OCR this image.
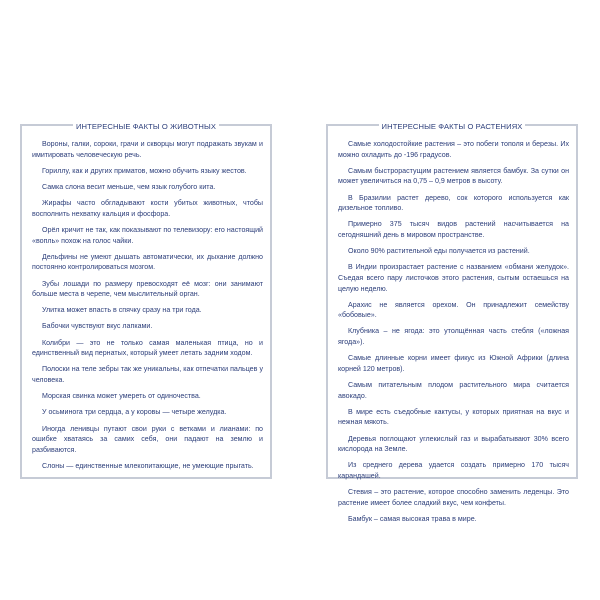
ИНТЕРЕСНЫЕ ФАКТЫ О ЖИВОТНЫХ

Вороны, галки, сороки, грачи и скворцы могут подражать звукам и имитировать человеческую речь.

Гориллу, как и других приматов, можно обучить языку жестов.

Самка слона весит меньше, чем язык голубого кита.

Жирафы часто обгладывают кости убитых животных, чтобы восполнить нехватку кальция и фосфора.

Орёл кричит не так, как показывают по телевизору: его настоящий «вопль» похож на голос чайки.

Дельфины не умеют дышать автоматически, их дыхание должно постоянно контролироваться мозгом.

Зубы лошади по размеру превосходят её мозг: они занимают больше места в черепе, чем мыслительный орган.

Улитка может впасть в спячку сразу на три года.

Бабочки чувствуют вкус лапками.

Колибри — это не только самая маленькая птица, но и единственный вид пернатых, который умеет летать задним ходом.

Полоски на теле зебры так же уникальны, как отпечатки пальцев у человека.

Морская свинка может умереть от одиночества.

У осьминога три сердца, а у коровы — четыре желудка.

Иногда ленивцы путают свои руки с ветками и лианами: по ошибке хватаясь за самих себя, они падают на землю и разбиваются.

Слоны — единственные млекопитающие, не умеющие прыгать.

ИНТЕРЕСНЫЕ ФАКТЫ О РАСТЕНИЯХ

Самые холодостойкие растения – это побеги тополя и березы. Их можно охладить до -196 градусов.

Самым быстрорастущим растением является бамбук. За сутки он может увеличиться на 0,75 – 0,9 метров в высоту.

В Бразилии растет дерево, сок которого используется как дизельное топливо.

Примерно 375 тысяч видов растений насчитывается на сегодняшний день в мировом пространстве.

Около 90% растительной еды получается из растений.

В Индии произрастает растение с названием «обмани желудок». Съедая всего пару листочков этого растения, сытым остаешься на целую неделю.

Арахис не является орехом. Он принадлежит семейству «бобовые».

Клубника – не ягода: это утолщённая часть стебля («ложная ягода»).

Самые длинные корни имеет фикус из Южной Африки (длина корней 120 метров).

Самым питательным плодом растительного мира считается авокадо.

В мире есть съедобные кактусы, у которых приятная на вкус и нежная мякоть.

Деревья поглощают углекислый газ и вырабатывают 30% всего кислорода на Земле.

Из среднего дерева удается создать примерно 170 тысяч карандашей.

Стевия – это растение, которое способно заменить леденцы. Это растение имеет более сладкий вкус, чем конфеты.

Бамбук – самая высокая трава в мире.
